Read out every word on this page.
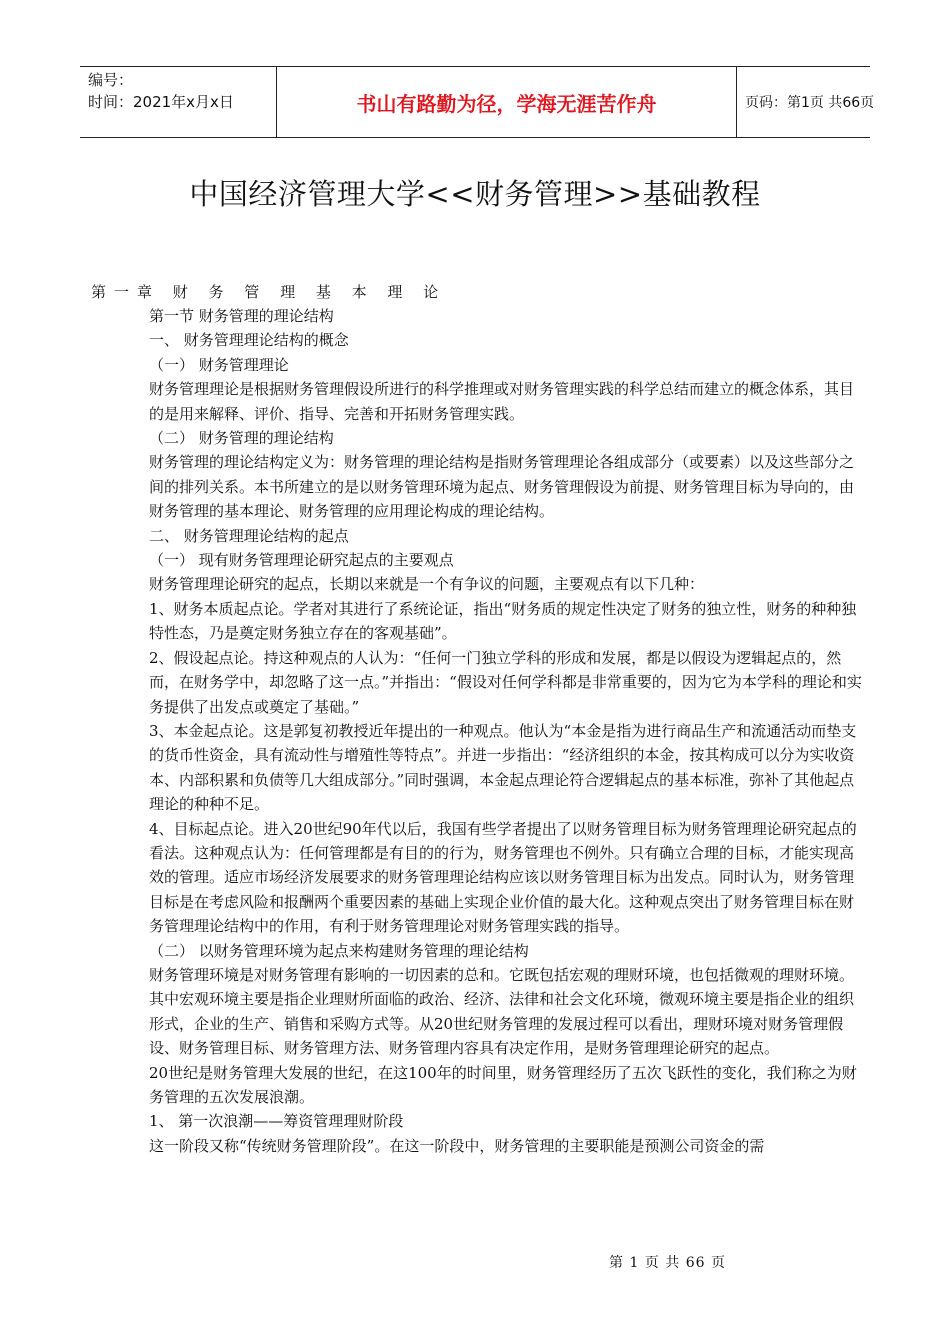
编号：
时间：2021年x月x日	书山有路勤为径，学海无涯苦作舟	页码：第1页 共66页
中国经济管理大学<<财务管理>>基础教程
第一章 财 务 管 理 基 本 理 论

第一节 财务管理的理论结构

一、 财务管理理论结构的概念

（一） 财务管理理论

财务管理理论是根据财务管理假设所进行的科学推理或对财务管理实践的科学总结而建立的概念体系，其目的是用来解释、评价、指导、完善和开拓财务管理实践。

（二） 财务管理的理论结构

财务管理的理论结构定义为：财务管理的理论结构是指财务管理理论各组成部分（或要素）以及这些部分之间的排列关系。本书所建立的是以财务管理环境为起点、财务管理假设为前提、财务管理目标为导向的，由财务管理的基本理论、财务管理的应用理论构成的理论结构。

二、 财务管理理论结构的起点

（一） 现有财务管理理论研究起点的主要观点

财务管理理论研究的起点，长期以来就是一个有争议的问题，主要观点有以下几种：

1、财务本质起点论。学者对其进行了系统论证，指出“财务质的规定性决定了财务的独立性，财务的种种独特性态，乃是奠定财务独立存在的客观基础”。

2、假设起点论。持这种观点的人认为：“任何一门独立学科的形成和发展，都是以假设为逻辑起点的，然而，在财务学中，却忽略了这一点。”并指出：“假设对任何学科都是非常重要的，因为它为本学科的理论和实务提供了出发点或奠定了基础。”

3、本金起点论。这是郭复初教授近年提出的一种观点。他认为“本金是指为进行商品生产和流通活动而垫支的货币性资金，具有流动性与增殖性等特点”。并进一步指出：“经济组织的本金，按其构成可以分为实收资本、内部积累和负债等几大组成部分。”同时强调，本金起点理论符合逻辑起点的基本标准，弥补了其他起点理论的种种不足。

4、目标起点论。进入20世纪90年代以后，我国有些学者提出了以财务管理目标为财务管理理论研究起点的看法。这种观点认为：任何管理都是有目的的行为，财务管理也不例外。只有确立合理的目标，才能实现高效的管理。适应市场经济发展要求的财务管理理论结构应该以财务管理目标为出发点。同时认为，财务管理目标是在考虑风险和报酬两个重要因素的基础上实现企业价值的最大化。这种观点突出了财务管理目标在财务管理理论结构中的作用，有利于财务管理理论对财务管理实践的指导。

（二） 以财务管理环境为起点来构建财务管理的理论结构

财务管理环境是对财务管理有影响的一切因素的总和。它既包括宏观的理财环境，也包括微观的理财环境。其中宏观环境主要是指企业理财所面临的政治、经济、法律和社会文化环境，微观环境主要是指企业的组织形式，企业的生产、销售和采购方式等。从20世纪财务管理的发展过程可以看出，理财环境对财务管理假设、财务管理目标、财务管理方法、财务管理内容具有决定作用，是财务管理理论研究的起点。

20世纪是财务管理大发展的世纪，在这100年的时间里，财务管理经历了五次飞跃性的变化，我们称之为财务管理的五次发展浪潮。

1、 第一次浪潮——筹资管理理财阶段

这一阶段又称“传统财务管理阶段”。在这一阶段中，财务管理的主要职能是预测公司资金的需

第 1 页 共 66 页
